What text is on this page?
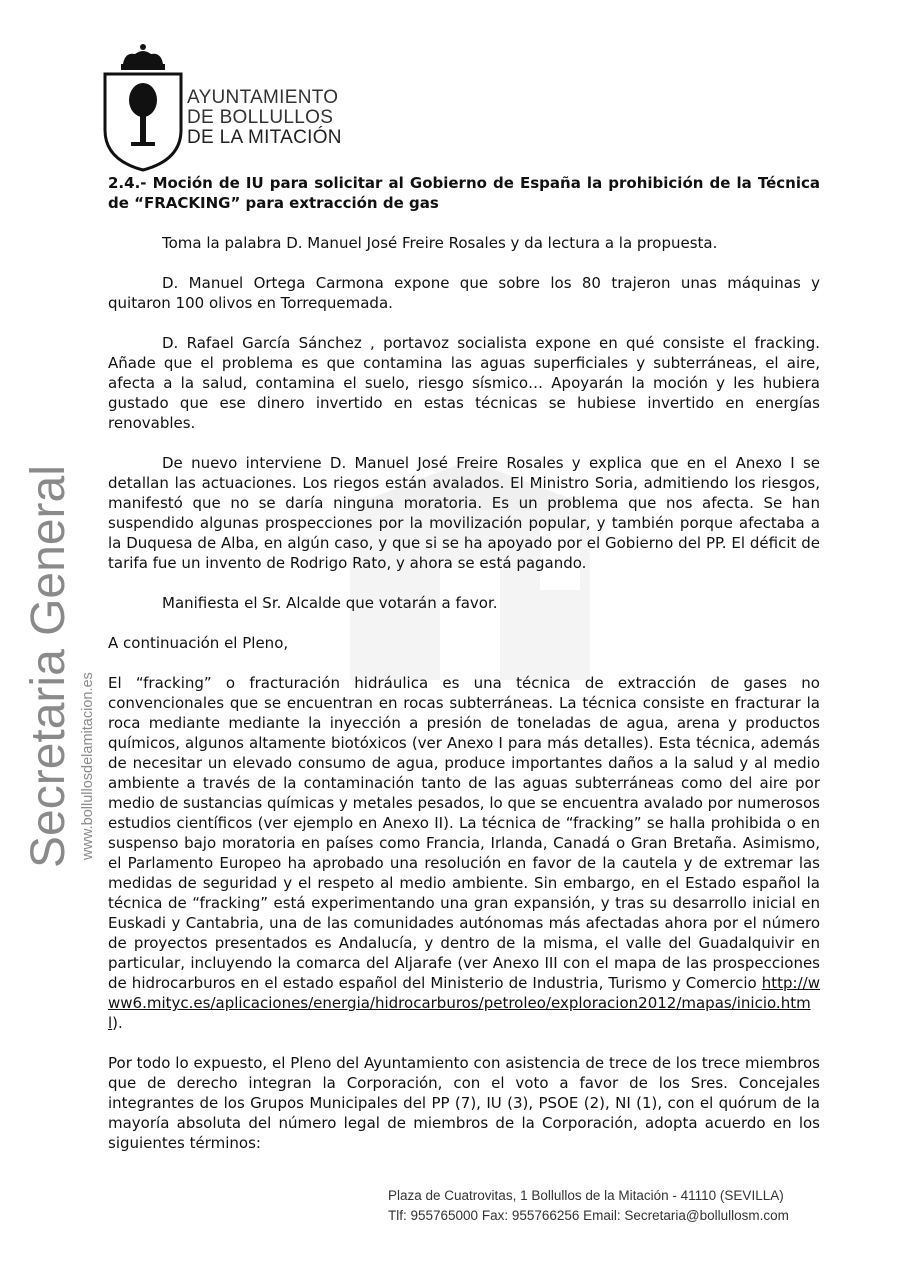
AYUNTAMIENTO
DE BOLLULLOS
DE LA MITACIÓN
Secretaria General www.bollullosdelamitacion.es
2.4.- Moción de IU para solicitar al Gobierno de España la prohibición de la Técnica de “FRACKING” para extracción de gas

Toma la palabra D. Manuel José Freire Rosales y da lectura a la propuesta.

D. Manuel Ortega Carmona expone que sobre los 80 trajeron unas máquinas y quitaron 100 olivos en Torrequemada.

D. Rafael García Sánchez , portavoz socialista expone en qué consiste el fracking. Añade que el problema es que contamina las aguas superficiales y subterráneas, el aire, afecta a la salud, contamina el suelo, riesgo sísmico… Apoyarán la moción y les hubiera gustado que ese dinero invertido en estas técnicas se hubiese invertido en energías renovables.

De nuevo interviene D. Manuel José Freire Rosales y explica que en el Anexo I se detallan las actuaciones. Los riegos están avalados. El Ministro Soria, admitiendo los riesgos, manifestó que no se daría ninguna moratoria. Es un problema que nos afecta. Se han suspendido algunas prospecciones por la movilización popular, y también porque afectaba a la Duquesa de Alba, en algún caso, y que si se ha apoyado por el Gobierno del PP. El déficit de tarifa fue un invento de Rodrigo Rato, y ahora se está pagando.

Manifiesta el Sr. Alcalde que votarán a favor.

A continuación el Pleno,

El “fracking” o fracturación hidráulica es una técnica de extracción de gases no convencionales que se encuentran en rocas subterráneas. La técnica consiste en fracturar la roca mediante mediante la inyección a presión de toneladas de agua, arena y productos químicos, algunos altamente biotóxicos (ver Anexo I para más detalles). Esta técnica, además de necesitar un elevado consumo de agua, produce importantes daños a la salud y al medio ambiente a través de la contaminación tanto de las aguas subterráneas como del aire por medio de sustancias químicas y metales pesados, lo que se encuentra avalado por numerosos estudios científicos (ver ejemplo en Anexo II). La técnica de “fracking” se halla prohibida o en suspenso bajo moratoria en países como Francia, Irlanda, Canadá o Gran Bretaña. Asimismo, el Parlamento Europeo ha aprobado una resolución en favor de la cautela y de extremar las medidas de seguridad y el respeto al medio ambiente. Sin embargo, en el Estado español la técnica de “fracking” está experimentando una gran expansión, y tras su desarrollo inicial en Euskadi y Cantabria, una de las comunidades autónomas más afectadas ahora por el número de proyectos presentados es Andalucía, y dentro de la misma, el valle del Guadalquivir en particular, incluyendo la comarca del Aljarafe (ver Anexo III con el mapa de las prospecciones de hidrocarburos en el estado español del Ministerio de Industria, Turismo y Comercio http://www6.mityc.es/aplicaciones/energia/hidrocarburos/petroleo/exploracion2012/mapas/inicio.html).

Por todo lo expuesto, el Pleno del Ayuntamiento con asistencia de trece de los trece miembros que de derecho integran la Corporación, con el voto a favor de los Sres. Concejales integrantes de los Grupos Municipales del PP (7), IU (3), PSOE (2), NI (1), con el quórum de la mayoría absoluta del número legal de miembros de la Corporación, adopta acuerdo en los siguientes términos:

Plaza de Cuatrovitas, 1 Bollullos de la Mitación - 41110 (SEVILLA)
Tlf: 955765000 Fax: 955766256 Email: Secretaria@bollullosm.com
